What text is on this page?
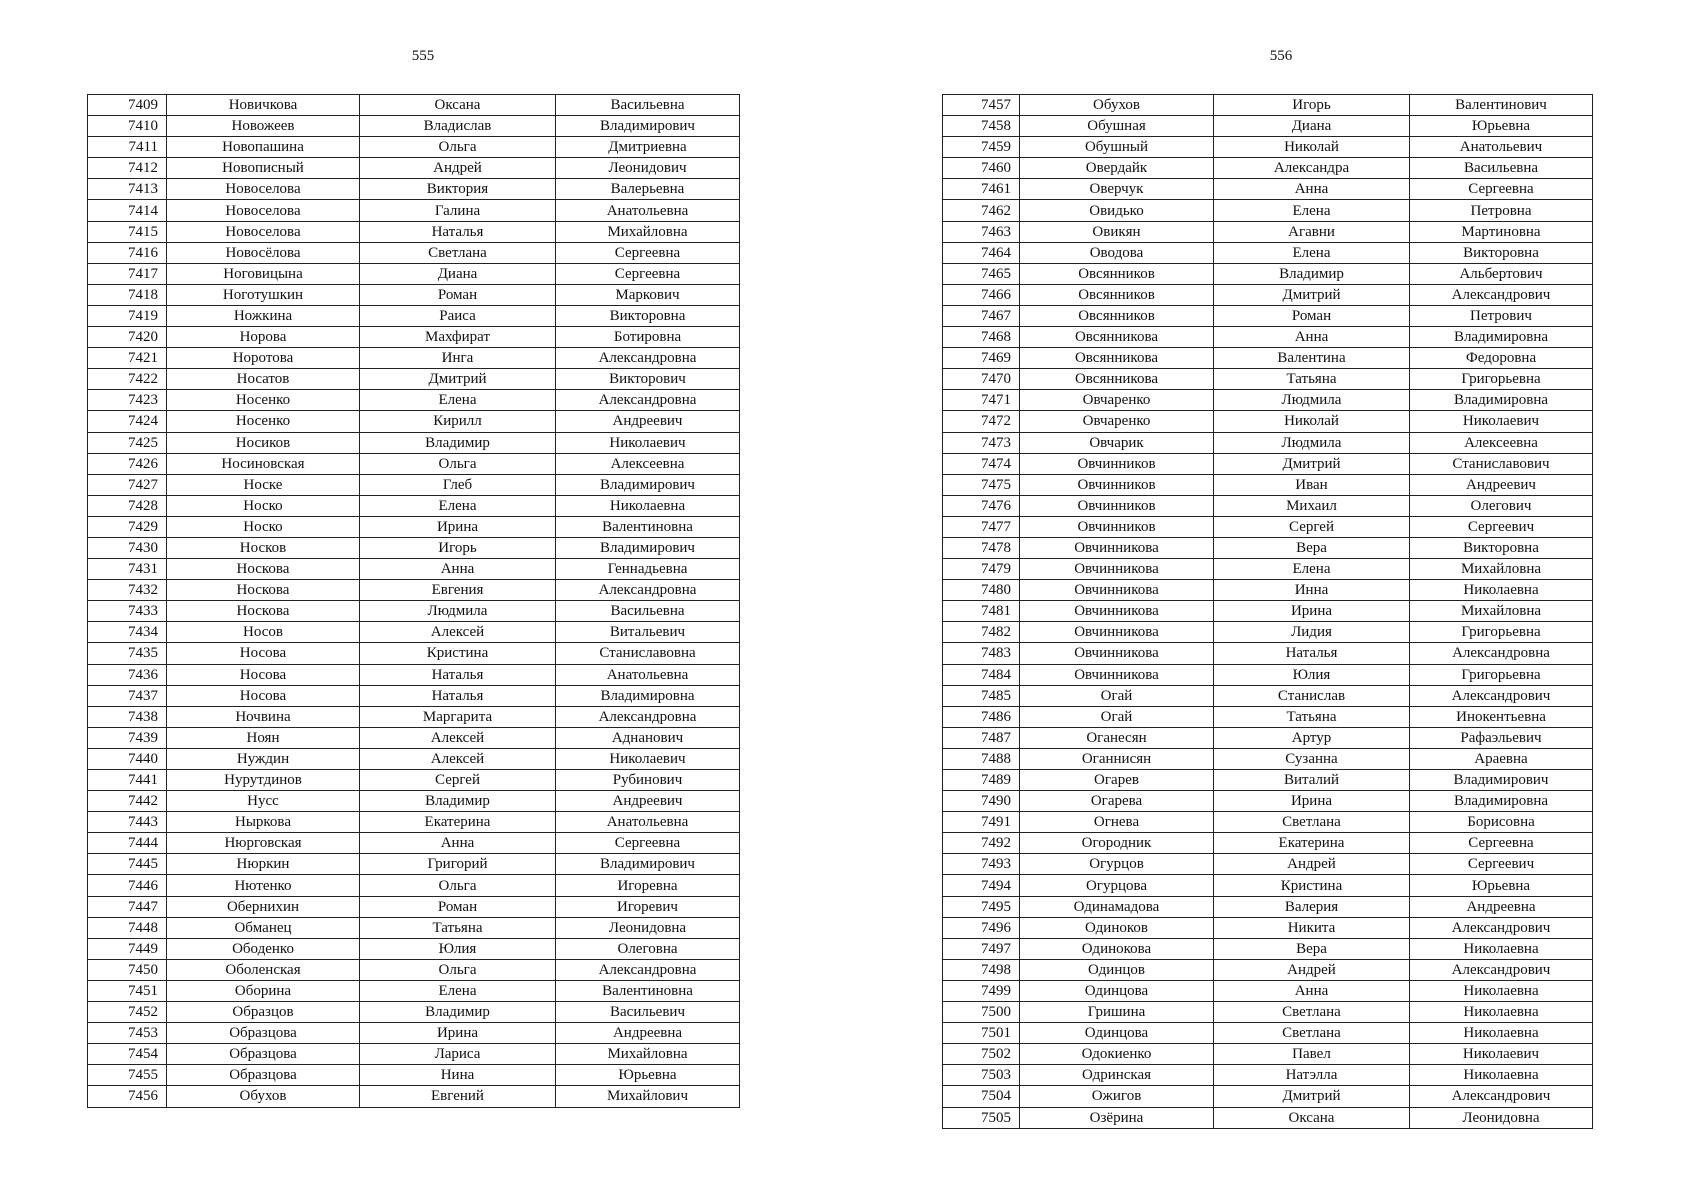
555	556
7409	Новичкова	Оксана	Васильевна
7410	Новожеев	Владислав	Владимирович
7411	Новопашина	Ольга	Дмитриевна
7412	Новописный	Андрей	Леонидович
7413	Новоселова	Виктория	Валерьевна
7414	Новоселова	Галина	Анатольевна
7415	Новоселова	Наталья	Михайловна
7416	Новосёлова	Светлана	Сергеевна
7417	Ноговицына	Диана	Сергеевна
7418	Ноготушкин	Роман	Маркович
7419	Ножкина	Раиса	Викторовна
7420	Норова	Махфират	Ботировна
7421	Норотова	Инга	Александровна
7422	Носатов	Дмитрий	Викторович
7423	Носенко	Елена	Александровна
7424	Носенко	Кирилл	Андреевич
7425	Носиков	Владимир	Николаевич
7426	Носиновская	Ольга	Алексеевна
7427	Носке	Глеб	Владимирович
7428	Носко	Елена	Николаевна
7429	Носко	Ирина	Валентиновна
7430	Носков	Игорь	Владимирович
7431	Носкова	Анна	Геннадьевна
7432	Носкова	Евгения	Александровна
7433	Носкова	Людмила	Васильевна
7434	Носов	Алексей	Витальевич
7435	Носова	Кристина	Станиславовна
7436	Носова	Наталья	Анатольевна
7437	Носова	Наталья	Владимировна
7438	Ночвина	Маргарита	Александровна
7439	Ноян	Алексей	Аднанович
7440	Нуждин	Алексей	Николаевич
7441	Нурутдинов	Сергей	Рубинович
7442	Нусс	Владимир	Андреевич
7443	Ныркова	Екатерина	Анатольевна
7444	Нюрговская	Анна	Сергеевна
7445	Нюркин	Григорий	Владимирович
7446	Нютенко	Ольга	Игоревна
7447	Обернихин	Роман	Игоревич
7448	Обманец	Татьяна	Леонидовна
7449	Ободенко	Юлия	Олеговна
7450	Оболенская	Ольга	Александровна
7451	Оборина	Елена	Валентиновна
7452	Образцов	Владимир	Васильевич
7453	Образцова	Ирина	Андреевна
7454	Образцова	Лариса	Михайловна
7455	Образцова	Нина	Юрьевна
7456	Обухов	Евгений	Михайлович
7457	Обухов	Игорь	Валентинович
7458	Обушная	Диана	Юрьевна
7459	Обушный	Николай	Анатольевич
7460	Овердайк	Александра	Васильевна
7461	Оверчук	Анна	Сергеевна
7462	Овидько	Елена	Петровна
7463	Овикян	Агавни	Мартиновна
7464	Оводова	Елена	Викторовна
7465	Овсянников	Владимир	Альбертович
7466	Овсянников	Дмитрий	Александрович
7467	Овсянников	Роман	Петрович
7468	Овсянникова	Анна	Владимировна
7469	Овсянникова	Валентина	Федоровна
7470	Овсянникова	Татьяна	Григорьевна
7471	Овчаренко	Людмила	Владимировна
7472	Овчаренко	Николай	Николаевич
7473	Овчарик	Людмила	Алексеевна
7474	Овчинников	Дмитрий	Станиславович
7475	Овчинников	Иван	Андреевич
7476	Овчинников	Михаил	Олегович
7477	Овчинников	Сергей	Сергеевич
7478	Овчинникова	Вера	Викторовна
7479	Овчинникова	Елена	Михайловна
7480	Овчинникова	Инна	Николаевна
7481	Овчинникова	Ирина	Михайловна
7482	Овчинникова	Лидия	Григорьевна
7483	Овчинникова	Наталья	Александровна
7484	Овчинникова	Юлия	Григорьевна
7485	Огай	Станислав	Александрович
7486	Огай	Татьяна	Инокентьевна
7487	Оганесян	Артур	Рафаэльевич
7488	Оганнисян	Сузанна	Араевна
7489	Огарев	Виталий	Владимирович
7490	Огарева	Ирина	Владимировна
7491	Огнева	Светлана	Борисовна
7492	Огородник	Екатерина	Сергеевна
7493	Огурцов	Андрей	Сергеевич
7494	Огурцова	Кристина	Юрьевна
7495	Одинамадова	Валерия	Андреевна
7496	Одиноков	Никита	Александрович
7497	Одинокова	Вера	Николаевна
7498	Одинцов	Андрей	Александрович
7499	Одинцова	Анна	Николаевна
7500	Гришина	Светлана	Николаевна
7501	Одинцова	Светлана	Николаевна
7502	Одокиенко	Павел	Николаевич
7503	Одринская	Натэлла	Николаевна
7504	Ожигов	Дмитрий	Александрович
7505	Озёрина	Оксана	Леонидовна
